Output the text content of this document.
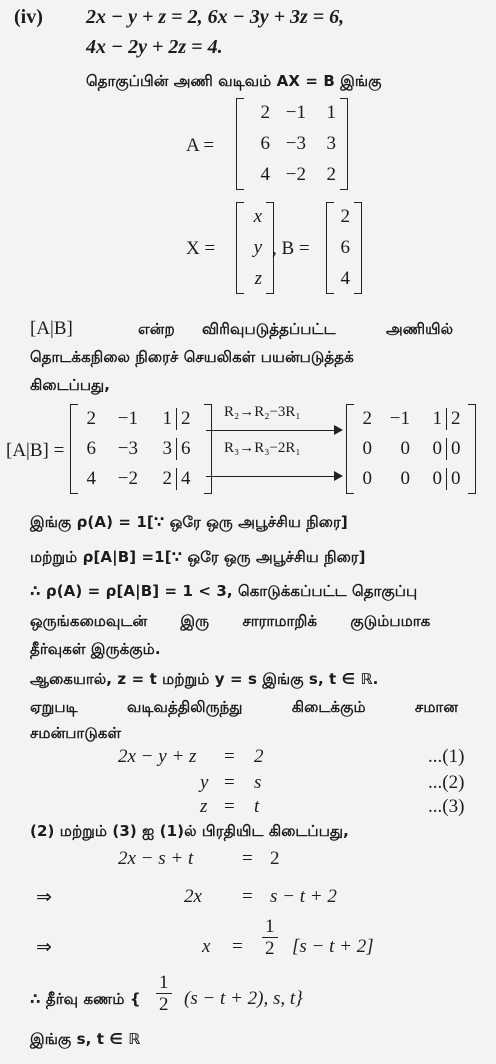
(iv) 2x − y + z = 2, 6x − 3y + 3z = 6,
4x − 2y + 2z = 4.
தொகுப்பின் அணி வடிவம் AX = B இங்கு
A =
2 −1	1
6 −3	3
4 −2	2
X =
x
y
z
, B =
2
6
4
[A|B]	என்ற விரிவுபடுத்தப்பட்ட	அணியில்
தொடக்கநிலை நிரைச் செயலிகள் பயன்படுத்தக்
கிடைப்பது,
[A|B] =
2	−1	1 2
6	−3	3 6
4	−2	2 4
R₂→R₂−3R₁
R₃→R₃−2R₁
2 −1	1 2
0	0	0 0
0	0	0 0
இங்கு ρ(A) = 1[∵ ஒரே ஒரு அபூச்சிய நிரை]
மற்றும் ρ[A|B] =1[∵ ஒரே ஒரு அபூச்சிய நிரை]
∴ ρ(A) = ρ[A|B] = 1 < 3, கொடுக்கப்பட்ட தொகுப்பு
ஒருங்கமைவுடன் இரு சாராமாறிக் குடும்பமாக
தீர்வுகள் இருக்கும்.
ஆகையால், z = t மற்றும் y = s இங்கு s, t ∈ ℝ.
ஏறுபடி வடிவத்திலிருந்து கிடைக்கும் சமான
சமன்பாடுகள்
2x − y + z = 2	...(1)
y = s	...(2)
z = t	...(3)
(2) மற்றும் (3) ஐ (1)ல் பிரதியிட கிடைப்பது,
2x − s + t	= 2
⇒	2x = s − t + 2
⇒	$x = \frac{1}{2} [s - t + 2]$
∴ தீர்வு கணம் { $\frac{1}{2} (s - t + 2)$, s, t}
இங்கு s, t ∈ ℝ
